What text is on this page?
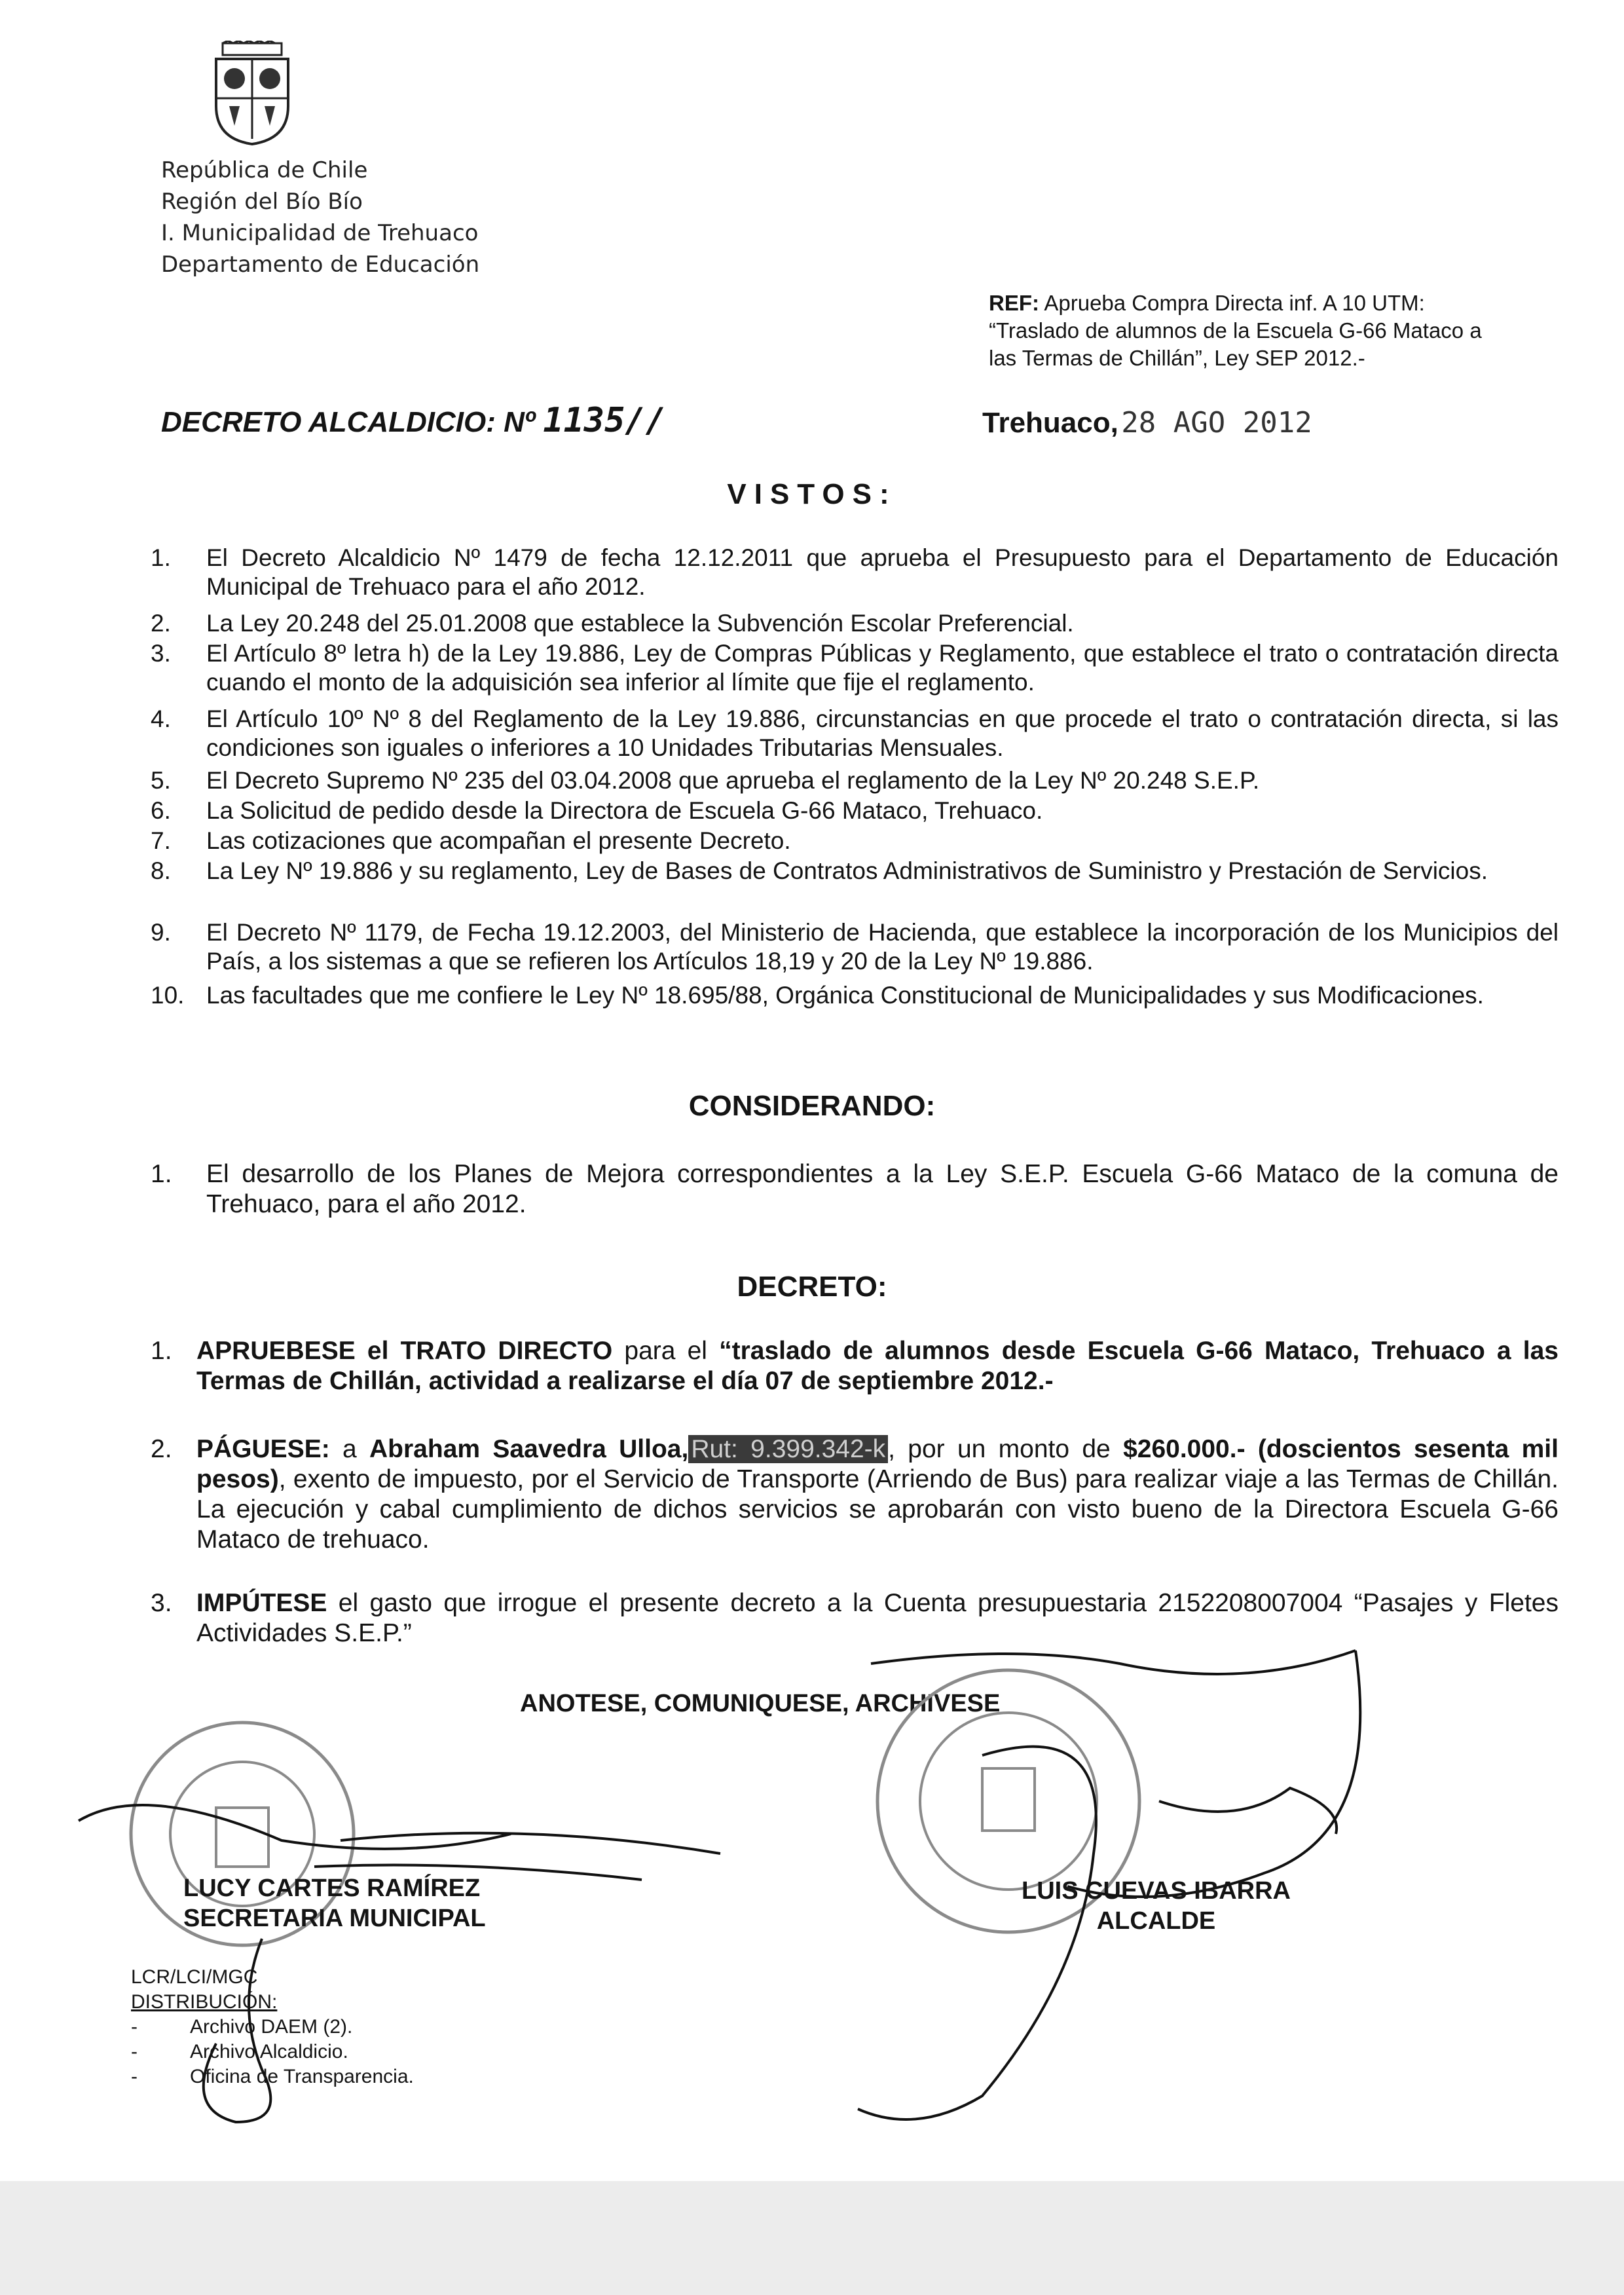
República de Chile
Región del Bío Bío
I. Municipalidad de Trehuaco
Departamento de Educación
REF: Aprueba Compra Directa inf. A 10 UTM:
“Traslado de alumnos de la Escuela G-66 Mataco a
las Termas de Chillán”, Ley SEP 2012.-
DECRETO ALCALDICIO: Nº 1135//	Trehuaco, 28 AGO 2012
VISTOS:
1.	El Decreto Alcaldicio Nº 1479 de fecha 12.12.2011 que aprueba el Presupuesto para el Departamento de Educación Municipal de Trehuaco para el año 2012.
2.	La Ley 20.248 del 25.01.2008 que establece la Subvención Escolar Preferencial.
3.	El Artículo 8º letra h) de la Ley 19.886, Ley de Compras Públicas y Reglamento, que establece el trato o contratación directa cuando el monto de la adquisición sea inferior al límite que fije el reglamento.
4.	El Artículo 10º Nº 8 del Reglamento de la Ley 19.886, circunstancias en que procede el trato o contratación directa, si las condiciones son iguales o inferiores a 10 Unidades Tributarias Mensuales.
5.	El Decreto Supremo Nº 235 del 03.04.2008 que aprueba el reglamento de la Ley Nº 20.248 S.E.P.
6.	La Solicitud de pedido desde la Directora de Escuela G-66 Mataco, Trehuaco.
7.	Las cotizaciones que acompañan el presente Decreto.
8.	La Ley Nº 19.886 y su reglamento, Ley de Bases de Contratos Administrativos de Suministro y Prestación de Servicios.
9.	El Decreto Nº 1179, de Fecha 19.12.2003, del Ministerio de Hacienda, que establece la incorporación de los Municipios del País, a los sistemas a que se refieren los Artículos 18,19 y 20 de la Ley Nº 19.886.
10. Las facultades que me confiere le Ley Nº 18.695/88, Orgánica Constitucional de Municipalidades y sus Modificaciones.
CONSIDERANDO:
1.	El desarrollo de los Planes de Mejora correspondientes a la Ley S.E.P. Escuela G-66 Mataco de la comuna de Trehuaco, para el año 2012.
DECRETO:
1. APRUEBESE el TRATO DIRECTO para el “traslado de alumnos desde Escuela G-66 Mataco, Trehuaco a las Termas de Chillán, actividad a realizarse el día 07 de septiembre 2012.-
2. PÁGUESE: a Abraham Saavedra Ulloa, Rut: 9.399.342-k , por un monto de $260.000.- (doscientos sesenta mil pesos), exento de impuesto, por el Servicio de Transporte (Arriendo de Bus) para realizar viaje a las Termas de Chillán. La ejecución y cabal cumplimiento de dichos servicios se aprobarán con visto bueno de la Directora Escuela G-66 Mataco de trehuaco.
3. IMPÚTESE el gasto que irrogue el presente decreto a la Cuenta presupuestaria 2152208007004 “Pasajes y Fletes Actividades S.E.P.”
ANOTESE, COMUNIQUESE, ARCHIVESE
LUCY CARTES RAMÍREZ
SECRETARIA MUNICIPAL
LUIS CUEVAS IBARRA
ALCALDE
LCR/LCI/MGC
DISTRIBUCIÓN:
-	Archivo DAEM (2).
-	Archivo Alcaldicio.
-	Oficina de Transparencia.
